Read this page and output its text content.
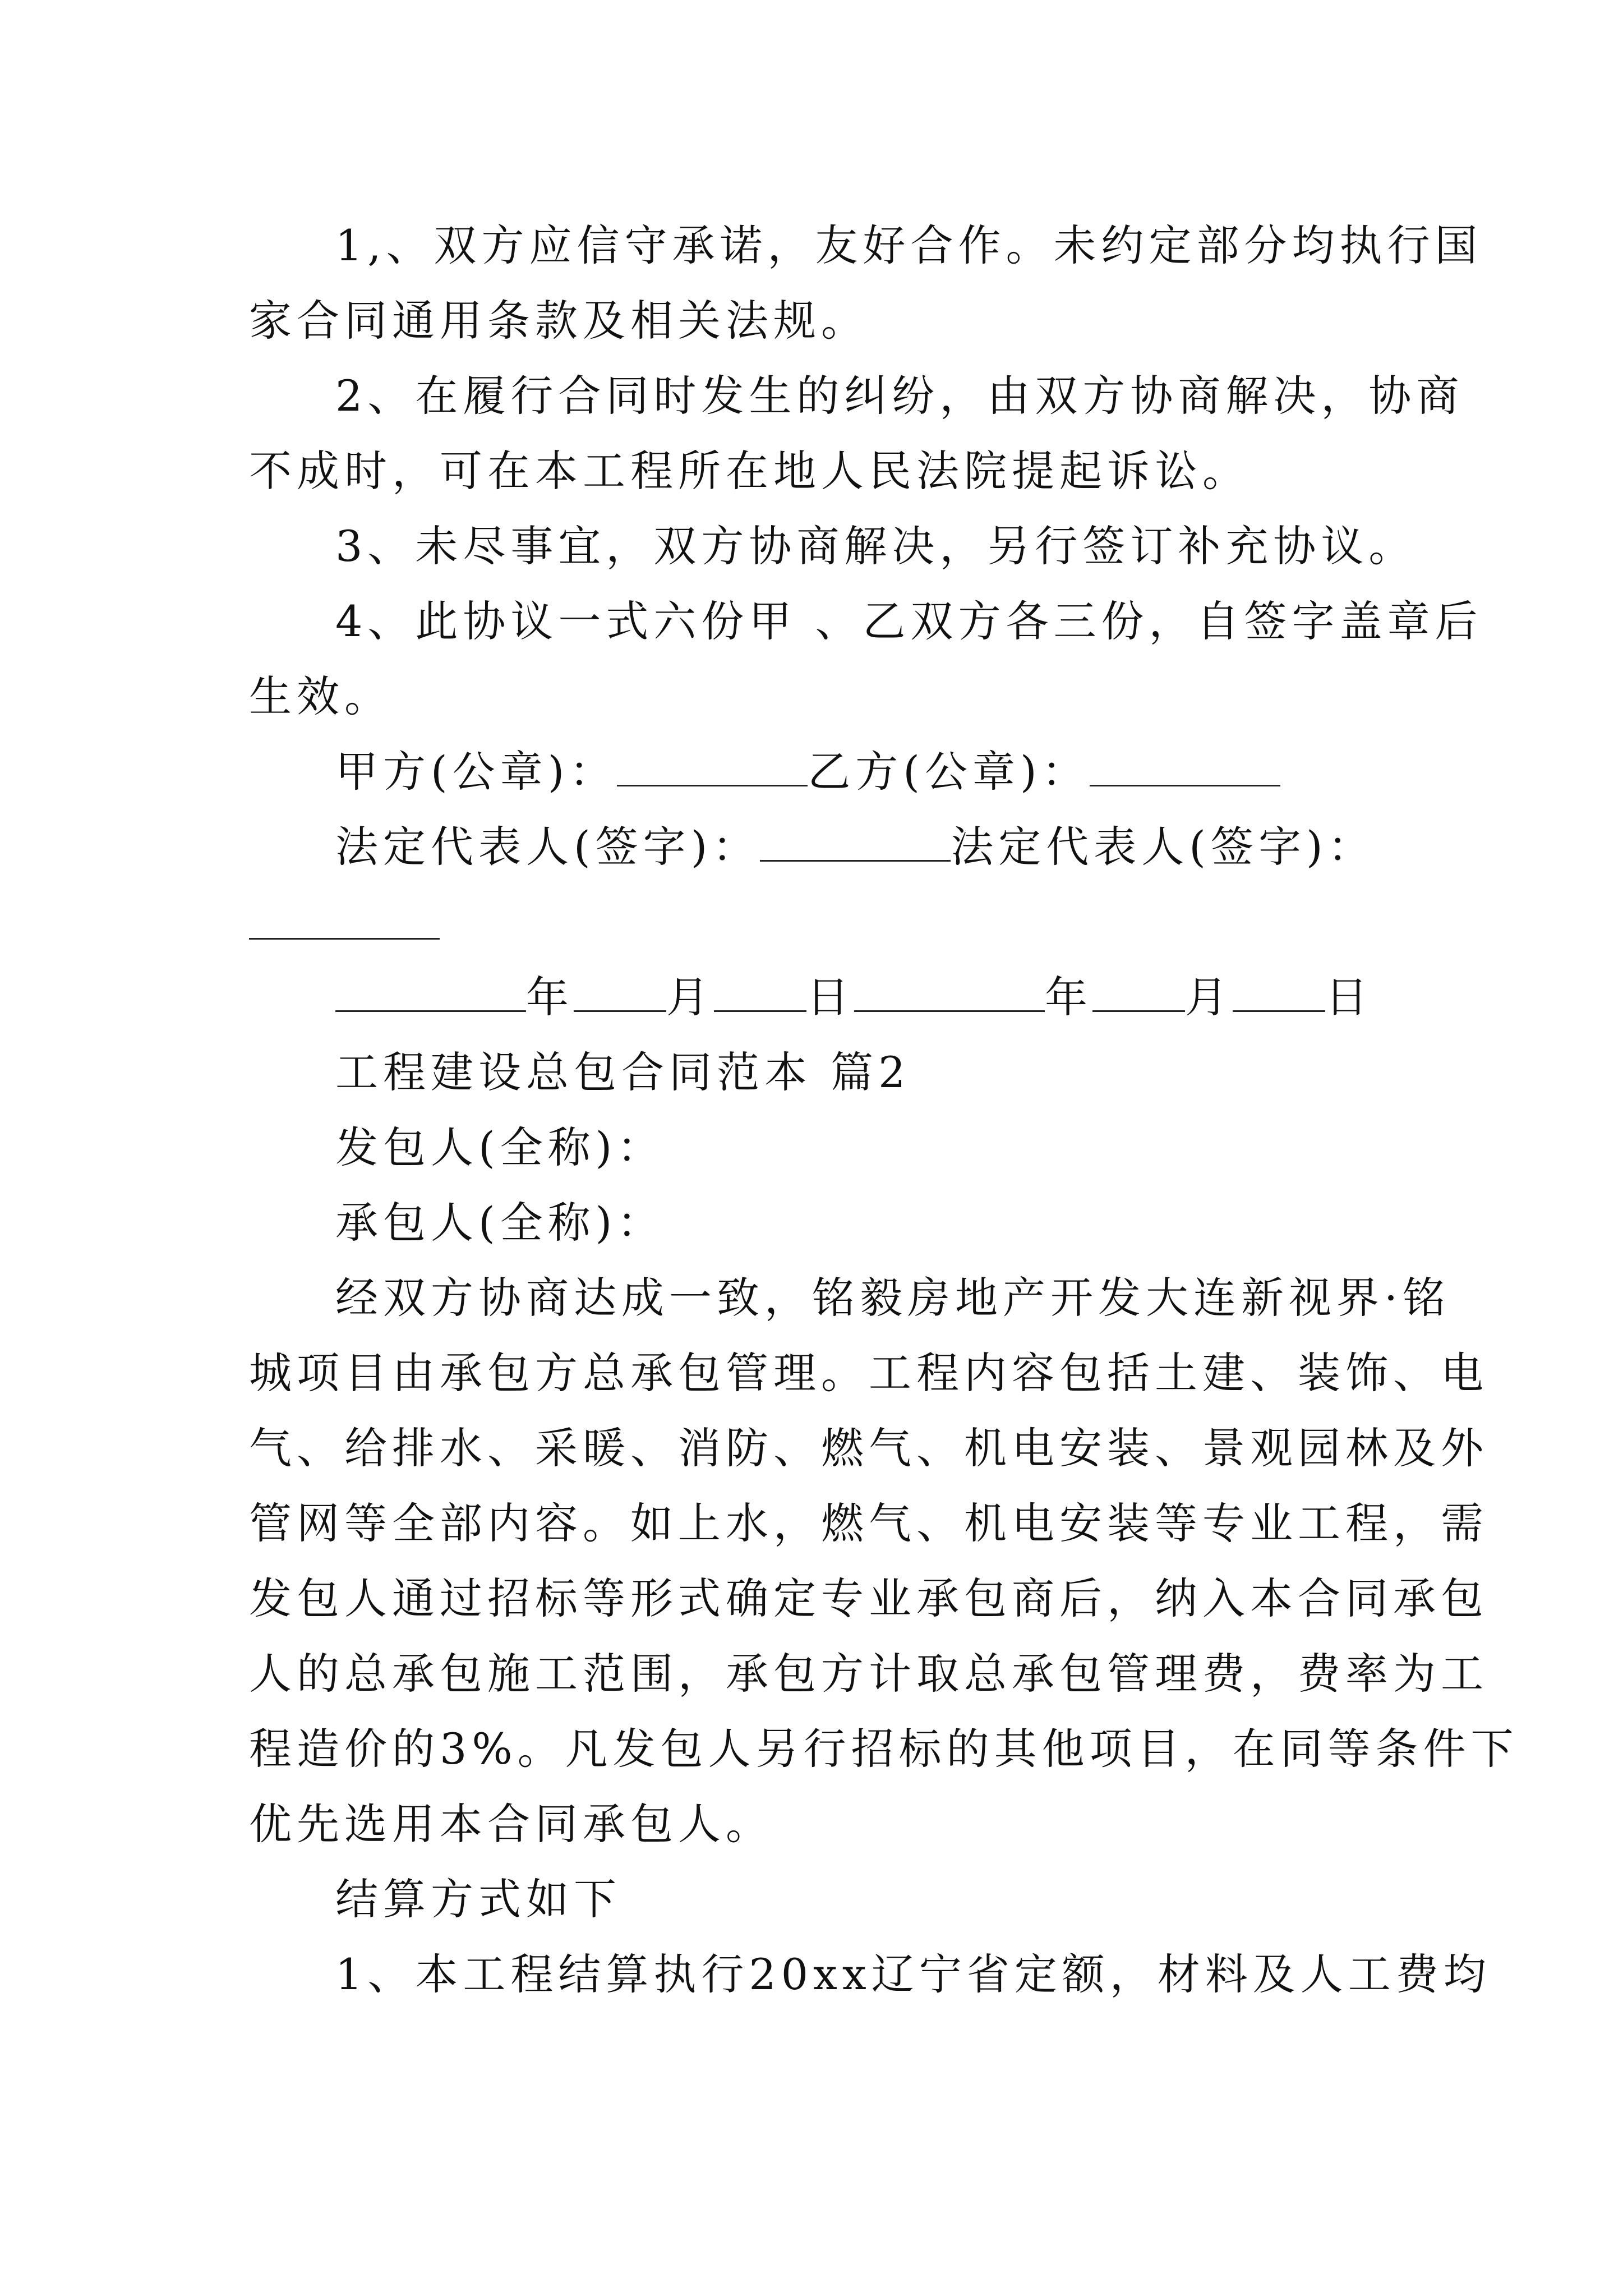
1,、双方应信守承诺，友好合作。未约定部分均执行国
家合同通用条款及相关法规。
2、在履行合同时发生的纠纷，由双方协商解决，协商
不成时，可在本工程所在地人民法院提起诉讼。
3、未尽事宜，双方协商解决，另行签订补充协议。
4、此协议一式六份甲 、乙双方各三份，自签字盖章后
生效。
甲方(公章)：	乙方(公章)：
法定代表人(签字)：	法定代表人(签字)：
年 月 日	年 月 日
工程建设总包合同范本 篇2
发包人(全称)：
承包人(全称)：
经双方协商达成一致，铭毅房地产开发大连新视界·铭
城项目由承包方总承包管理。工程内容包括土建、装饰、电
气、给排水、采暖、消防、燃气、机电安装、景观园林及外
管网等全部内容。如上水，燃气、机电安装等专业工程，需
发包人通过招标等形式确定专业承包商后，纳入本合同承包
人的总承包施工范围，承包方计取总承包管理费，费率为工
程造价的3%。凡发包人另行招标的其他项目，在同等条件下
优先选用本合同承包人。
结算方式如下
1、本工程结算执行20xx辽宁省定额，材料及人工费均
